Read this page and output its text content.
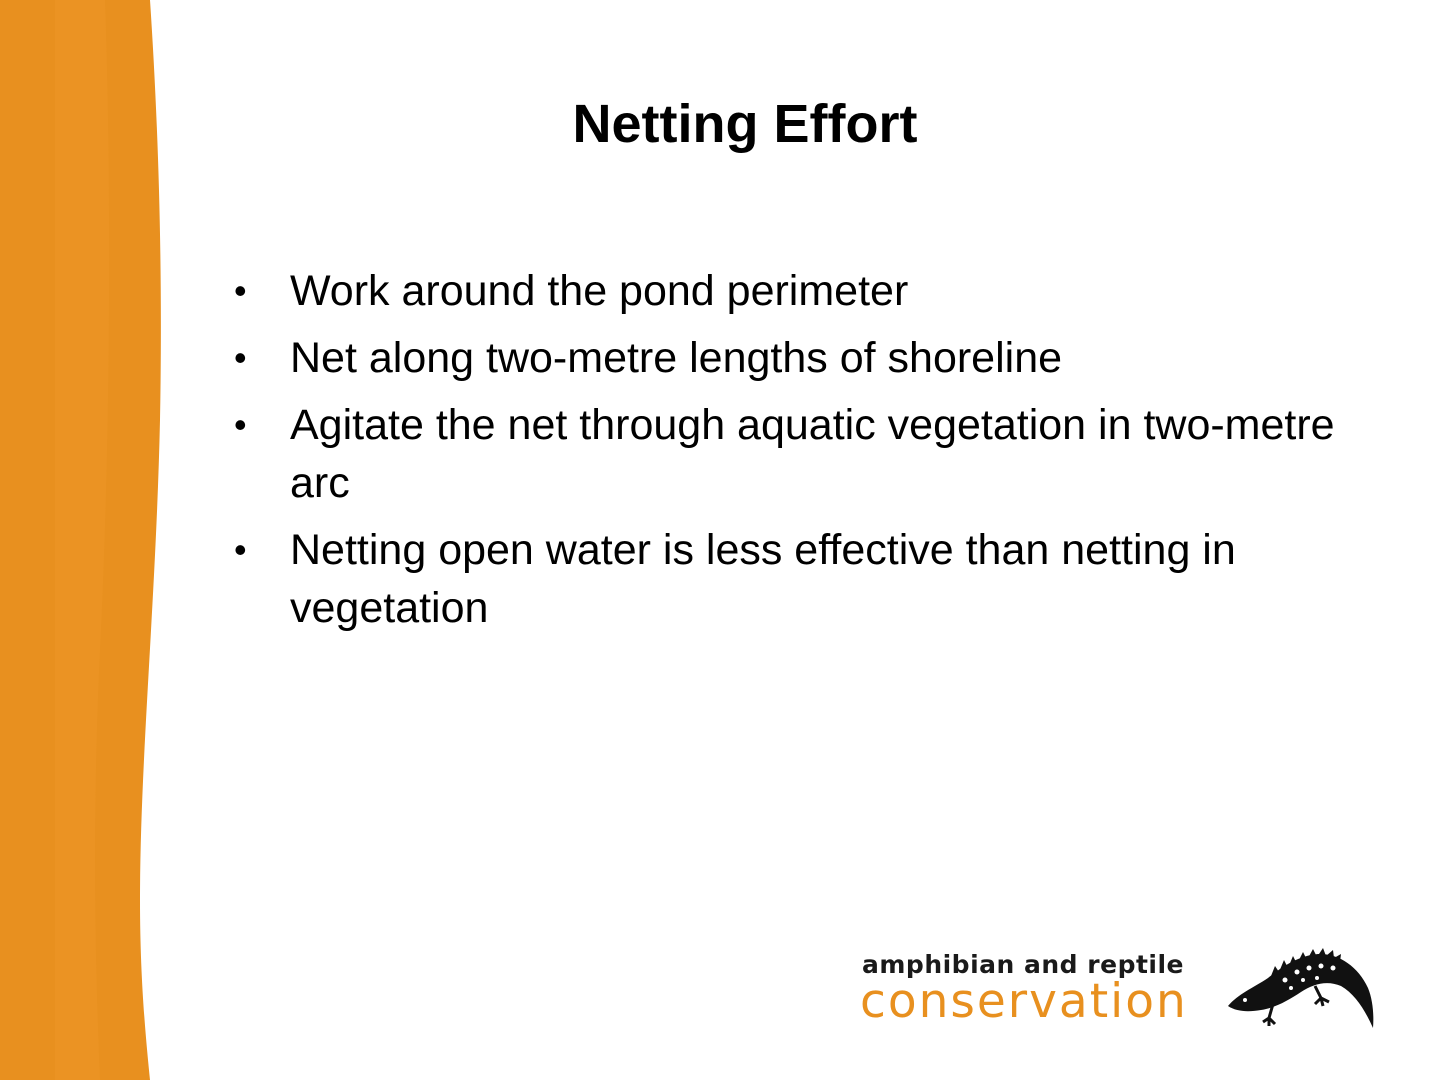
Netting Effort
• Work around the pond perimeter
• Net along two-metre lengths of shoreline
• Agitate the net through aquatic vegetation in two-metre arc
• Netting open water is less effective than netting in vegetation
amphibian and reptile
conservation
